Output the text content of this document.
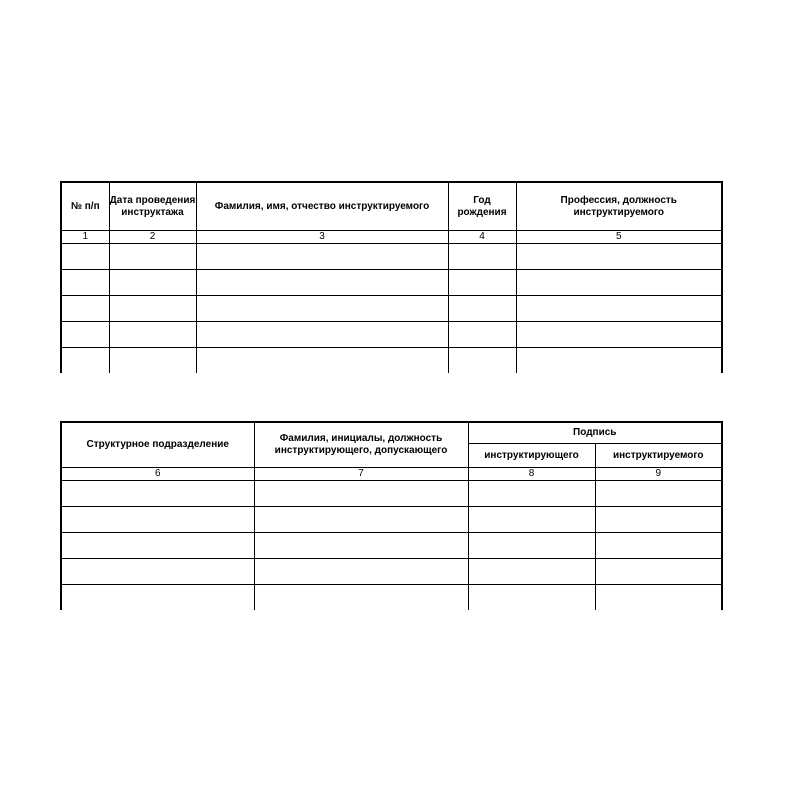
№ п/п	Дата проведения инструктажа	Фамилия, имя, отчество инструктируемого	Год рождения	Профессия, должность инструктируемого
1	2	3	4	5

Структурное подразделение	Фамилия, инициалы, должность инструктирующего, допускающего	Подпись	
		инструктирующего	инструктируемого
6	7	8	9
